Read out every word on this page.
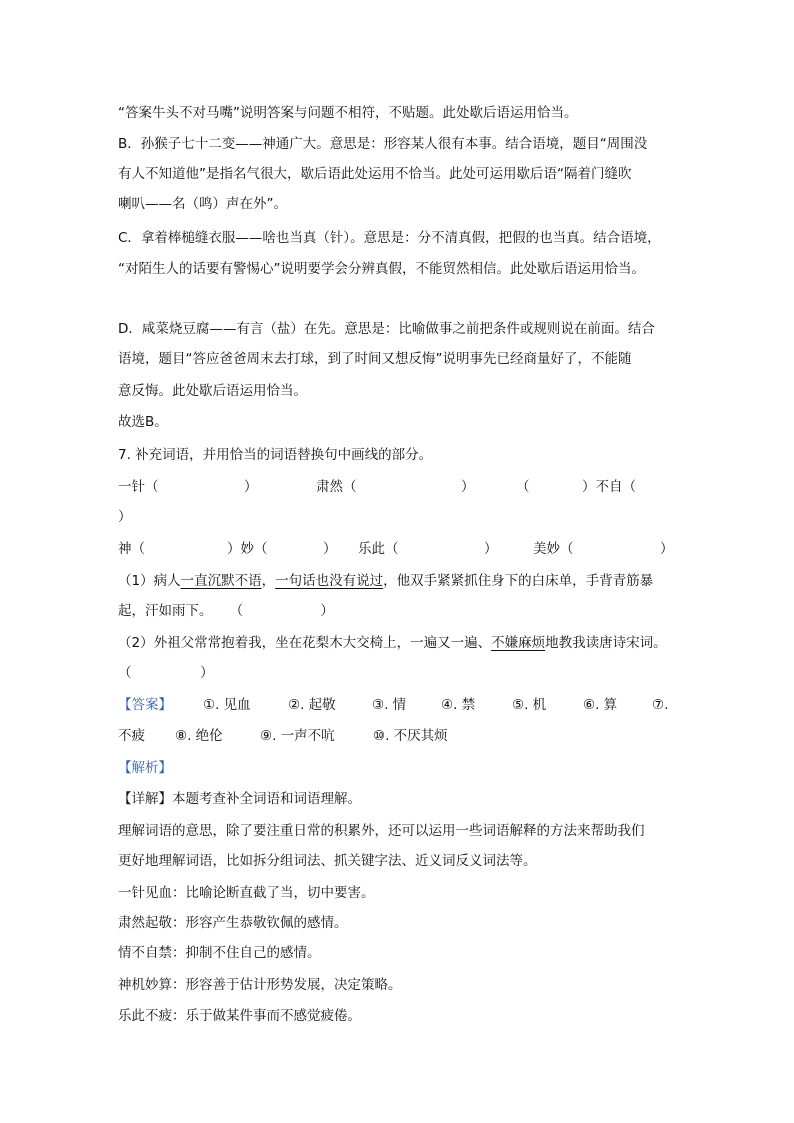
“答案牛头不对马嘴”说明答案与问题不相符，不贴题。此处歇后语运用恰当。
B．孙猴子七十二变——神通广大。意思是：形容某人很有本事。结合语境，题目“周围没
有人不知道他”是指名气很大，歇后语此处运用不恰当。此处可运用歇后语“隔着门缝吹
喇叭——名（鸣）声在外”。
C．拿着棒槌缝衣服——啥也当真（针）。意思是：分不清真假，把假的也当真。结合语境，
“对陌生人的话要有警惕心”说明要学会分辨真假，不能贸然相信。此处歇后语运用恰当。
D．咸菜烧豆腐——有言（盐）在先。意思是：比喻做事之前把条件或规则说在前面。结合
语境，题目“答应爸爸周末去打球，到了时间又想反悔”说明事先已经商量好了，不能随
意反悔。此处歇后语运用恰当。
故选B。
7. 补充词语，并用恰当的词语替换句中画线的部分。
一针（	）	肃然（	）	（	）不自（
）
神（	）妙（	） 乐此（	）	美妙（	）
（1）病人一直沉默不语，一句话也没有说过，他双手紧紧抓住身下的白床单，手背青筋暴
起，汗如雨下。    （                  ）
（2）外祖父常常抱着我，坐在花梨木大交椅上，一遍又一遍、不嫌麻烦地教我读唐诗宋词。
（                ）
【答案】 ①. 见血	②. 起敬	③. 情	④. 禁	⑤. 机	⑥. 算	⑦.
不疲 ⑧. 绝伦	⑨. 一声不吭	⑩. 不厌其烦
【解析】
【详解】本题考查补全词语和词语理解。
理解词语的意思，除了要注重日常的积累外，还可以运用一些词语解释的方法来帮助我们
更好地理解词语，比如拆分组词法、抓关键字法、近义词反义词法等。
一针见血：比喻论断直截了当，切中要害。
肃然起敬：形容产生恭敬钦佩的感情。
情不自禁：抑制不住自己的感情。
神机妙算：形容善于估计形势发展，决定策略。
乐此不疲：乐于做某件事而不感觉疲倦。
